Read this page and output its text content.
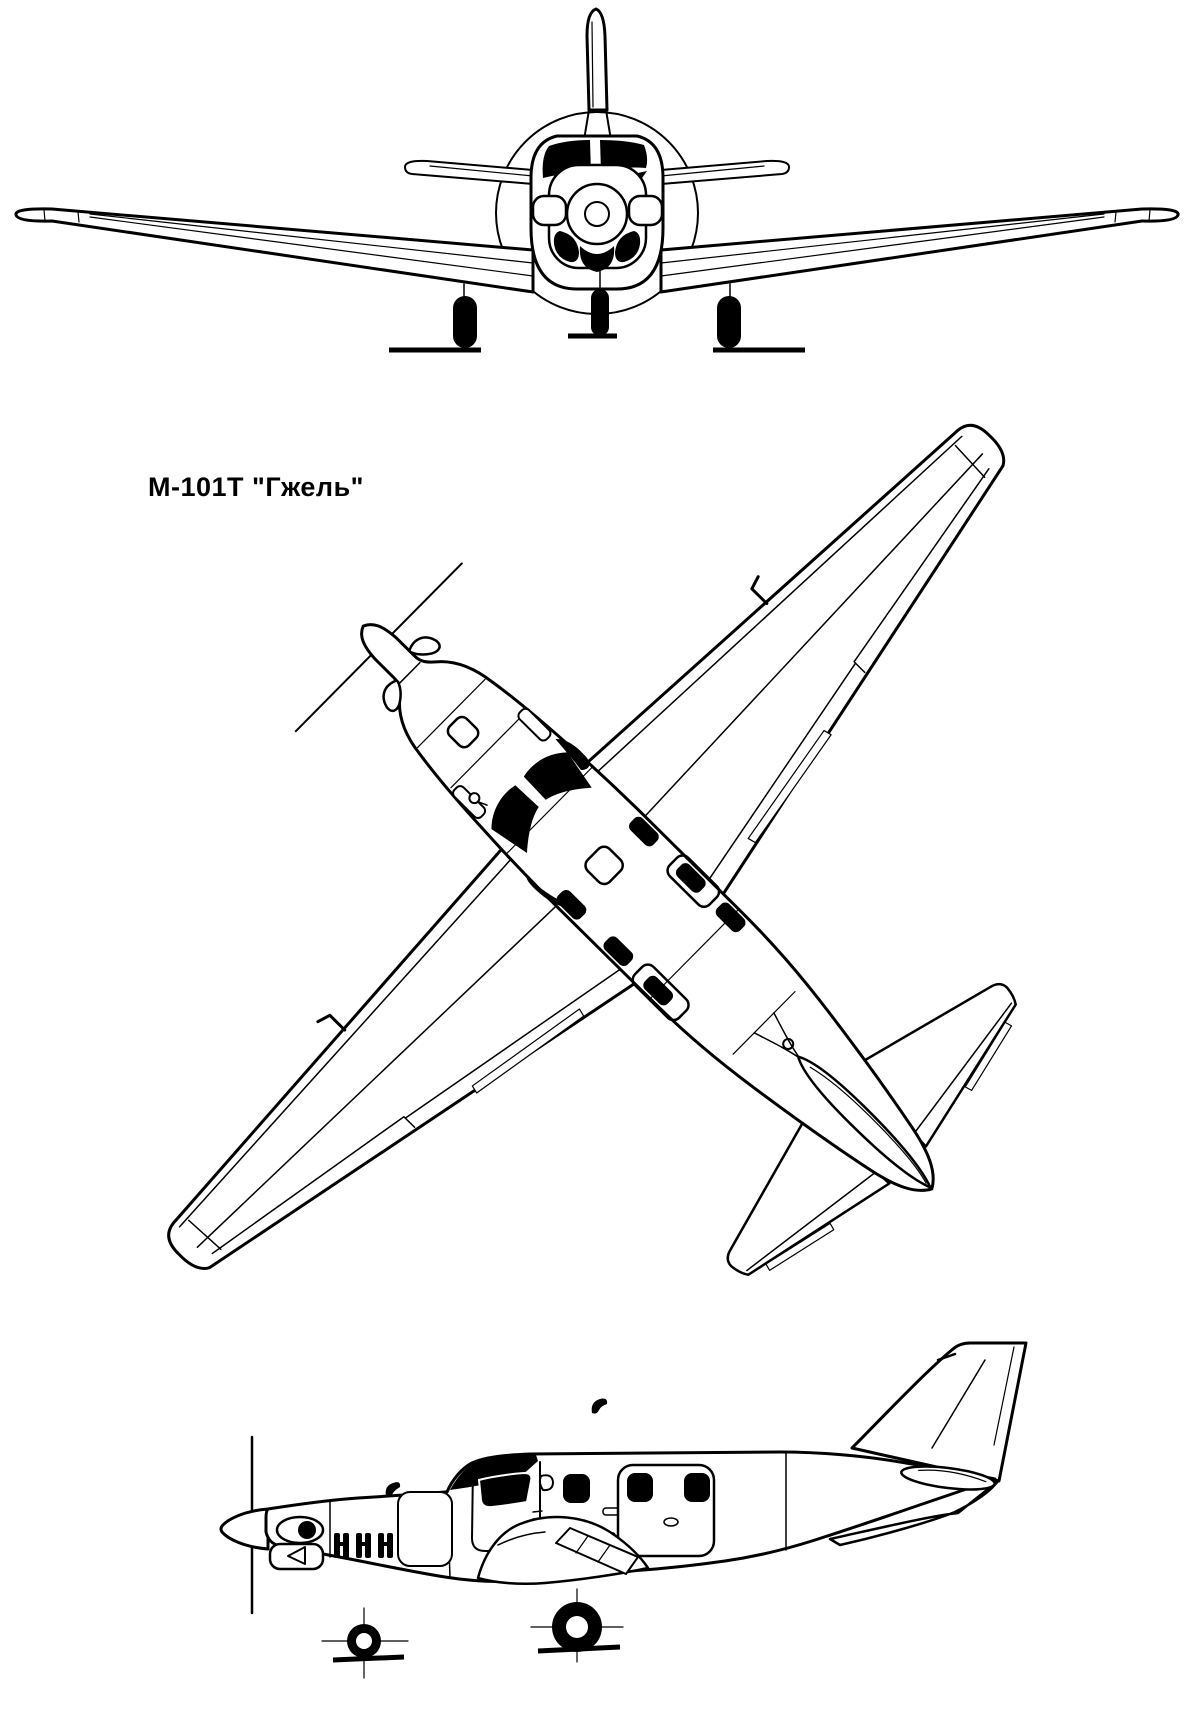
М-101Т "Гжель"
